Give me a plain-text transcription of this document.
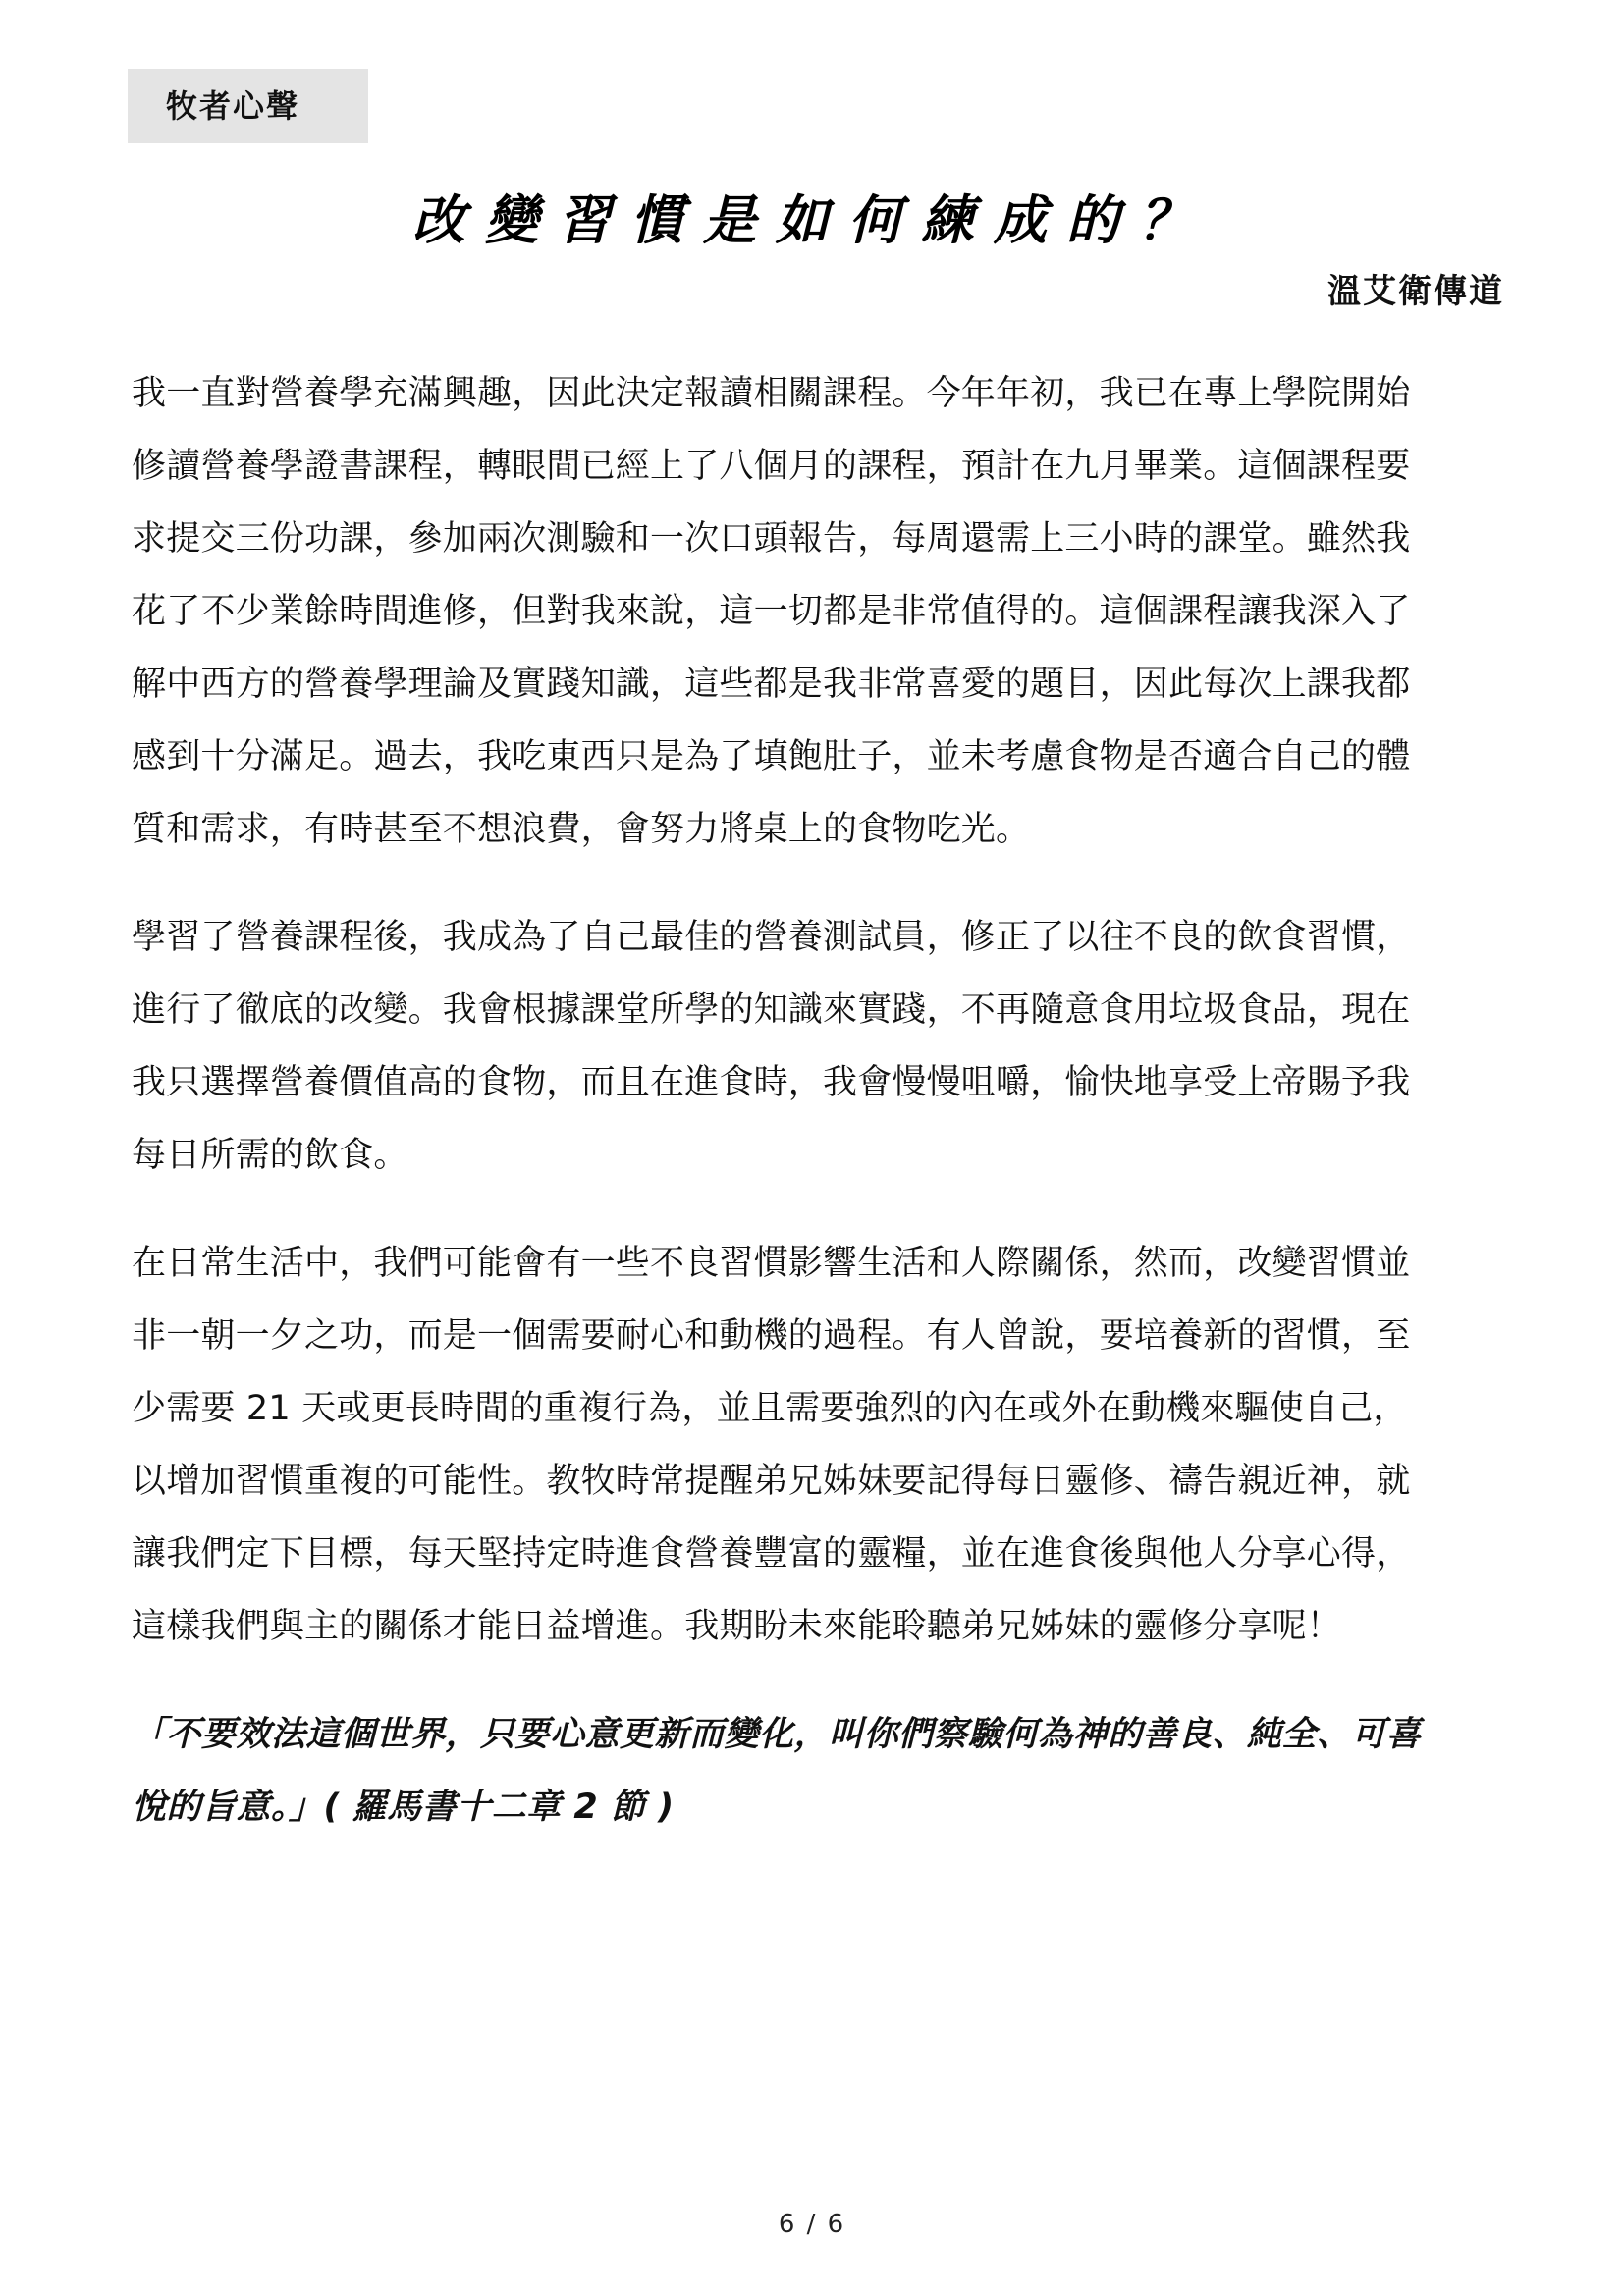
牧者心聲
改變習慣是如何練成的？
溫艾衛傳道
我一直對營養學充滿興趣，因此決定報讀相關課程。今年年初，我已在專上學院開始
修讀營養學證書課程，轉眼間已經上了八個月的課程，預計在九月畢業。這個課程要
求提交三份功課，參加兩次測驗和一次口頭報告，每周還需上三小時的課堂。雖然我
花了不少業餘時間進修，但對我來說，這一切都是非常值得的。這個課程讓我深入了
解中西方的營養學理論及實踐知識，這些都是我非常喜愛的題目，因此每次上課我都
感到十分滿足。過去，我吃東西只是為了填飽肚子，並未考慮食物是否適合自己的體
質和需求，有時甚至不想浪費，會努力將桌上的食物吃光。
學習了營養課程後，我成為了自己最佳的營養測試員，修正了以往不良的飲食習慣，
進行了徹底的改變。我會根據課堂所學的知識來實踐，不再隨意食用垃圾食品，現在
我只選擇營養價值高的食物，而且在進食時，我會慢慢咀嚼，愉快地享受上帝賜予我
每日所需的飲食。
在日常生活中，我們可能會有一些不良習慣影響生活和人際關係，然而，改變習慣並
非一朝一夕之功，而是一個需要耐心和動機的過程。有人曾說，要培養新的習慣，至
少需要 21 天或更長時間的重複行為，並且需要強烈的內在或外在動機來驅使自己，
以增加習慣重複的可能性。教牧時常提醒弟兄姊妹要記得每日靈修、禱告親近神，就
讓我們定下目標，每天堅持定時進食營養豐富的靈糧，並在進食後與他人分享心得，
這樣我們與主的關係才能日益增進。我期盼未來能聆聽弟兄姊妹的靈修分享呢！
「不要效法這個世界，只要心意更新而變化，叫你們察驗何為神的善良、純全、可喜
悅的旨意。」( 羅馬書十二章 2 節 )
6 / 6
